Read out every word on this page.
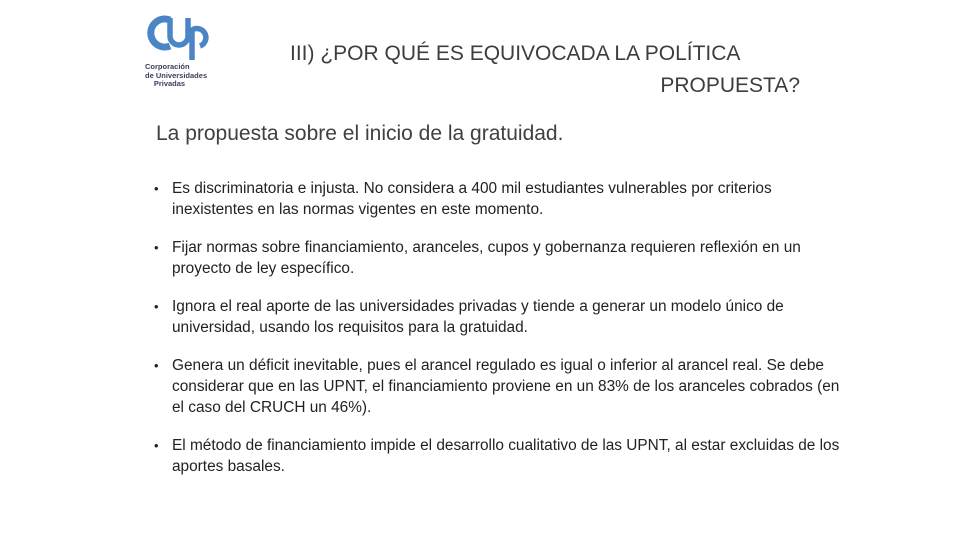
Corporación
de Universidades
Privadas
III) ¿POR QUÉ ES EQUIVOCADA LA POLÍTICA
PROPUESTA?
La propuesta sobre el inicio de la gratuidad.
• Es discriminatoria e injusta. No considera a 400 mil estudiantes vulnerables por criterios inexistentes en las normas vigentes en este momento.
• Fijar normas sobre financiamiento, aranceles, cupos y gobernanza requieren reflexión en un proyecto de ley específico.
• Ignora el real aporte de las universidades privadas y tiende a generar un modelo único de universidad, usando los requisitos para la gratuidad.
• Genera un déficit inevitable, pues el arancel regulado es igual o inferior al arancel real. Se debe considerar que en las UPNT, el financiamiento proviene en un 83% de los aranceles cobrados (en el caso del CRUCH un 46%).
• El método de financiamiento impide el desarrollo cualitativo de las UPNT, al estar excluidas de los aportes basales.
